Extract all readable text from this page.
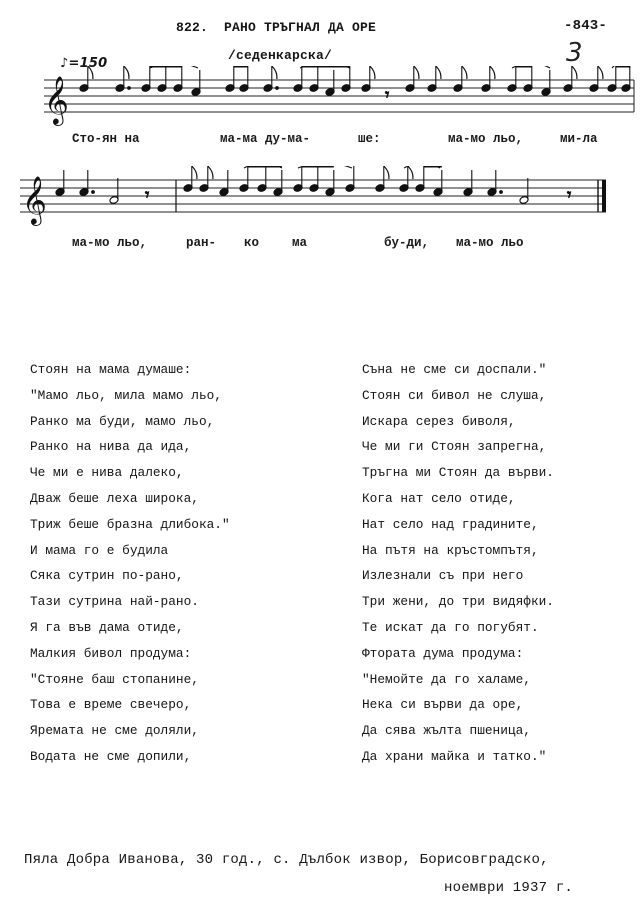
822. РАНО ТРЪГНАЛ ДА ОРЕ	-843-
3
/седенкарска/
♪=150
𝄞	𝄾
Сто-ян на	ма-ма ду-ма-	ше:	ма-мо льо,	ми-ла
𝄞	𝄾	𝄾
ма-мо льо,	ран- ко	ма	бу-ди, ма-мо льо
Стоян на мама думаше:
"Мамо льо, мила мамо льо,
Ранко ма буди, мамо льо,
Ранко на нива да ида,
Че ми е нива далеко,
Дваж беше леха широка,
Триж беше бразна длибока."
И мама го е будила
Сяка сутрин по-рано,
Тази сутрина най-рано.
Я га във дама отиде,
Малкия бивол продума:
"Стояне баш стопанине,
Това е време свечеро,
Яремата не сме доляли,
Водата не сме допили,
Съна не сме си доспали."
Стоян си бивол не слуша,
Искара серез биволя,
Че ми ги Стоян запрегна,
Тръгна ми Стоян да върви.
Кога нат село отиде,
Нат село над градините,
На пътя на кръстомпътя,
Излезнали съ при него
Три жени, до три видяфки.
Те искат да го погубят.
Фтората дума продума:
"Немойте да го халаме,
Нека си върви да оре,
Да сява жълта пшеница,
Да храни майка и татко."
Пяла Добра Иванова, 30 год., с. Дълбок извор, Борисовградско,
ноември 1937 г.
